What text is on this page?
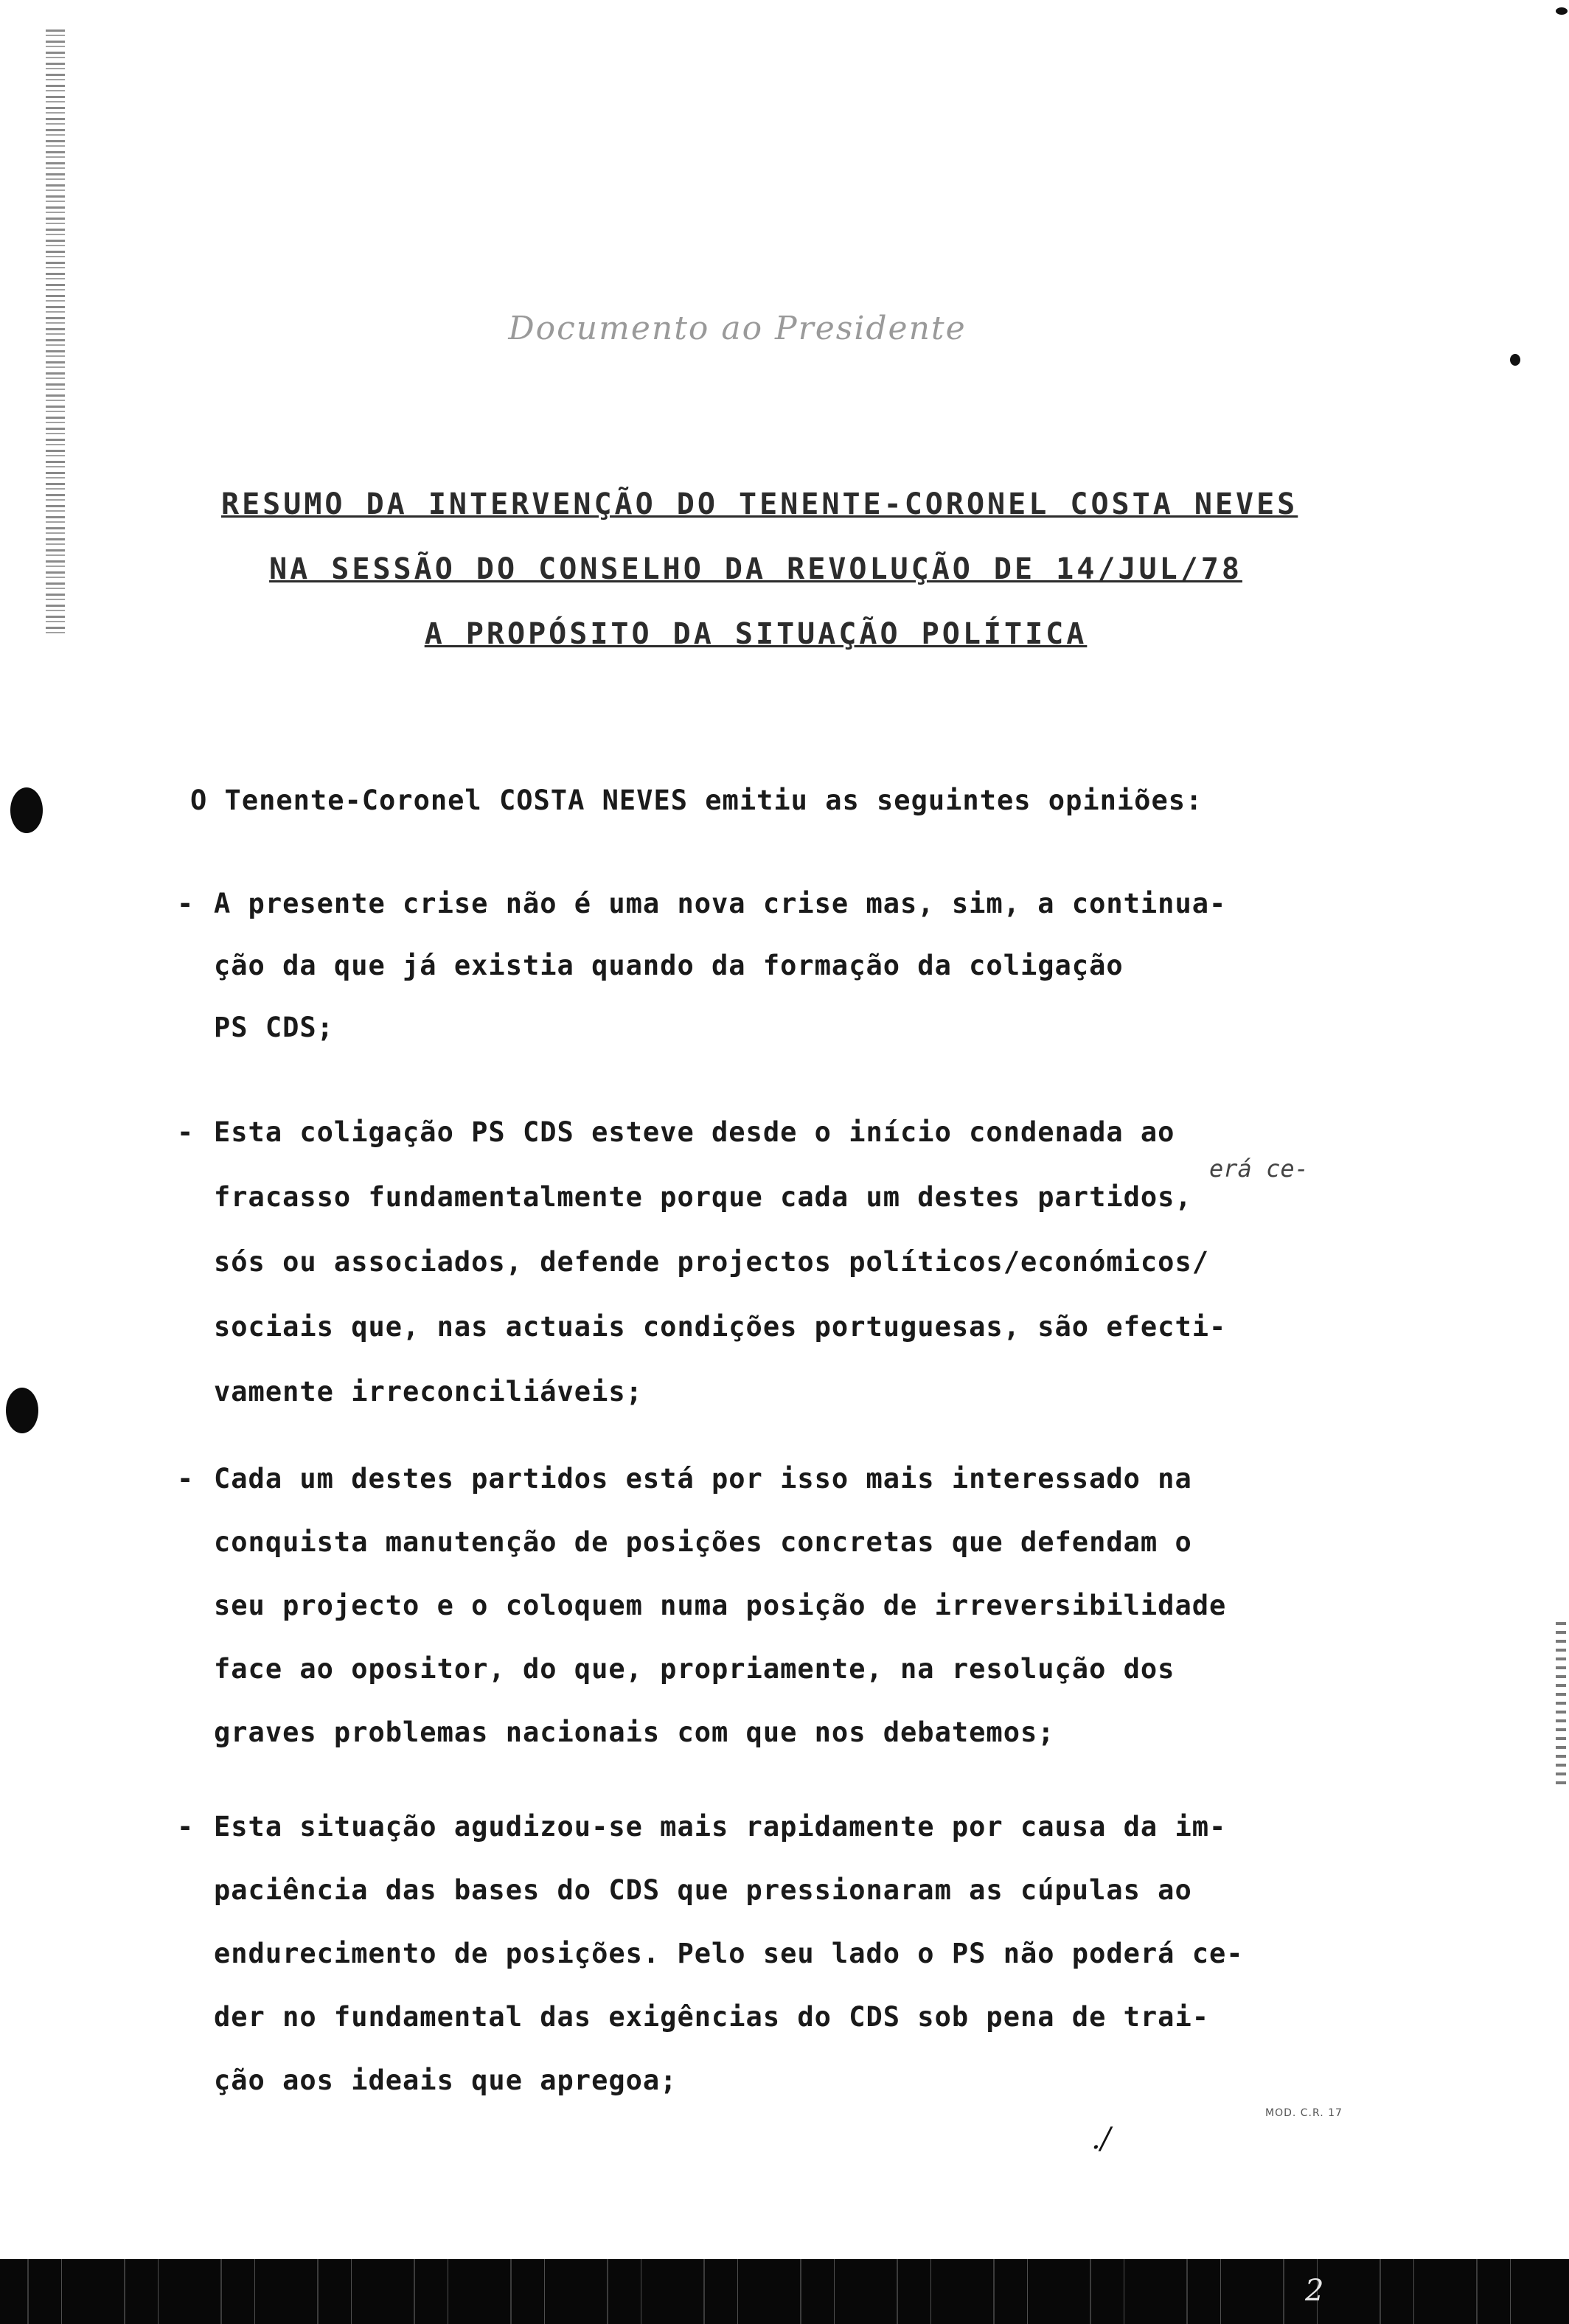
Documento ao Presidente
RESUMO DA INTERVENÇÃO DO TENENTE-CORONEL COSTA NEVES
NA SESSÃO DO CONSELHO DA REVOLUÇÃO DE 14/JUL/78
A PROPÓSITO DA SITUAÇÃO POLÍTICA
O Tenente-Coronel COSTA NEVES emitiu as seguintes opiniões:
- A presente crise não é uma nova crise mas, sim, a continua-
ção da que já existia quando da formação da coligação
PS CDS;
- Esta coligação PS CDS esteve desde o início condenada ao
fracasso fundamentalmente porque cada um destes partidos,
sós ou associados, defende projectos políticos/económicos/
sociais que, nas actuais condições portuguesas, são efecti-
vamente irreconciliáveis;
erá ce-
- Cada um destes partidos está por isso mais interessado na
conquista manutenção de posições concretas que defendam o
seu projecto e o coloquem numa posição de irreversibilidade
face ao opositor, do que, propriamente, na resolução dos
graves problemas nacionais com que nos debatemos;
- Esta situação agudizou-se mais rapidamente por causa da im-
paciência das bases do CDS que pressionaram as cúpulas ao
endurecimento de posições. Pelo seu lado o PS não poderá ce-
der no fundamental das exigências do CDS sob pena de trai-
ção aos ideais que apregoa;
MOD. C.R. 17
./
2
